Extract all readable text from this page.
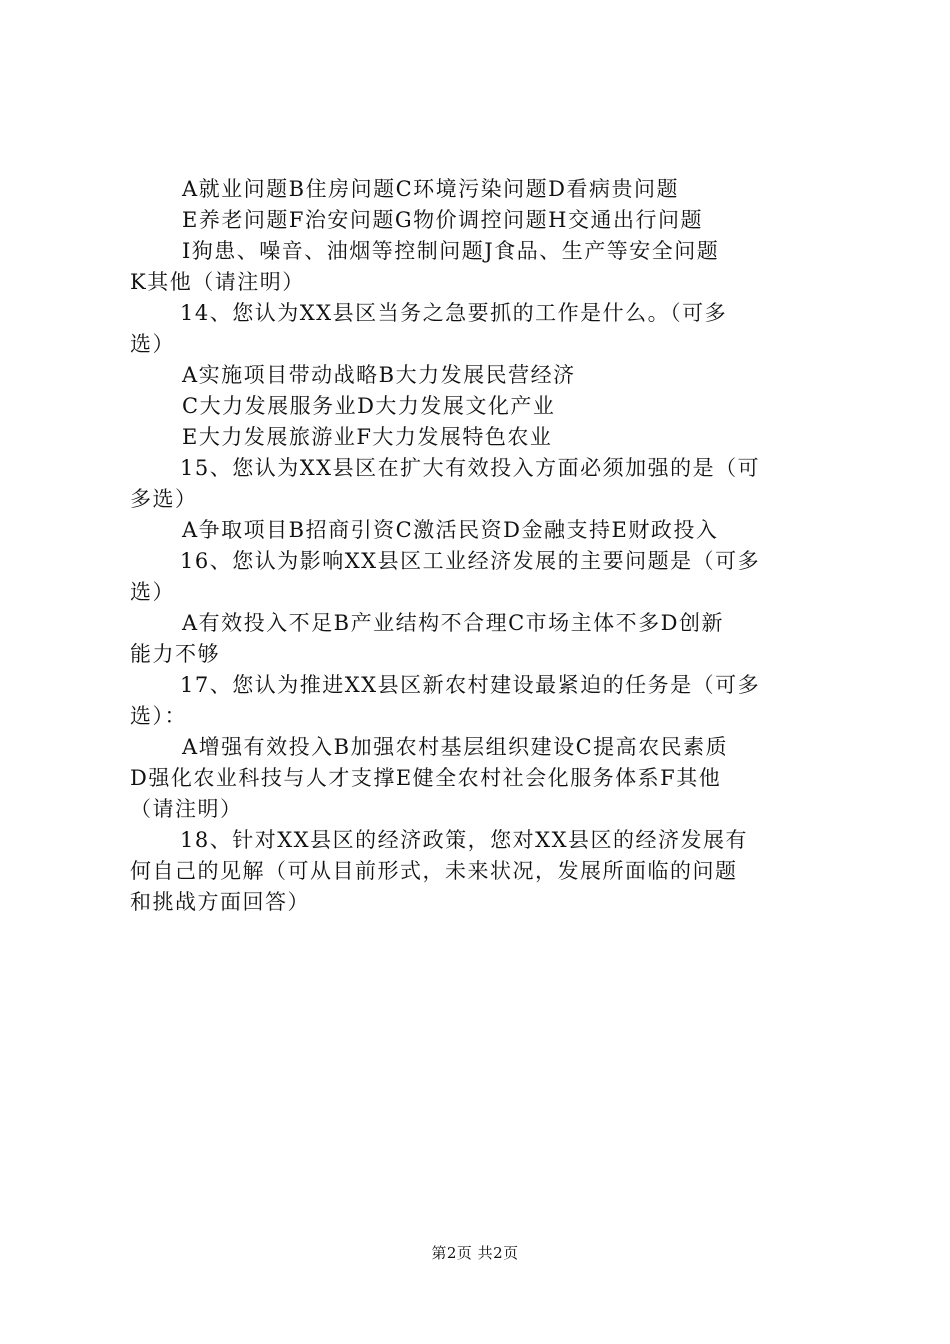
A就业问题B住房问题C环境污染问题D看病贵问题
E养老问题F治安问题G物价调控问题H交通出行问题
I狗患、噪音、油烟等控制问题J食品、生产等安全问题
K其他（请注明）
14、您认为XX县区当务之急要抓的工作是什么。（可多
选）
A实施项目带动战略B大力发展民营经济
C大力发展服务业D大力发展文化产业
E大力发展旅游业F大力发展特色农业
15、您认为XX县区在扩大有效投入方面必须加强的是（可
多选）
A争取项目B招商引资C激活民资D金融支持E财政投入
16、您认为影响XX县区工业经济发展的主要问题是（可多
选）
A有效投入不足B产业结构不合理C市场主体不多D创新
能力不够
17、您认为推进XX县区新农村建设最紧迫的任务是（可多
选）：
A增强有效投入B加强农村基层组织建设C提高农民素质
D强化农业科技与人才支撑E健全农村社会化服务体系F其他
（请注明）
18、针对XX县区的经济政策，您对XX县区的经济发展有
何自己的见解（可从目前形式，未来状况，发展所面临的问题
和挑战方面回答）
第2页 共2页
